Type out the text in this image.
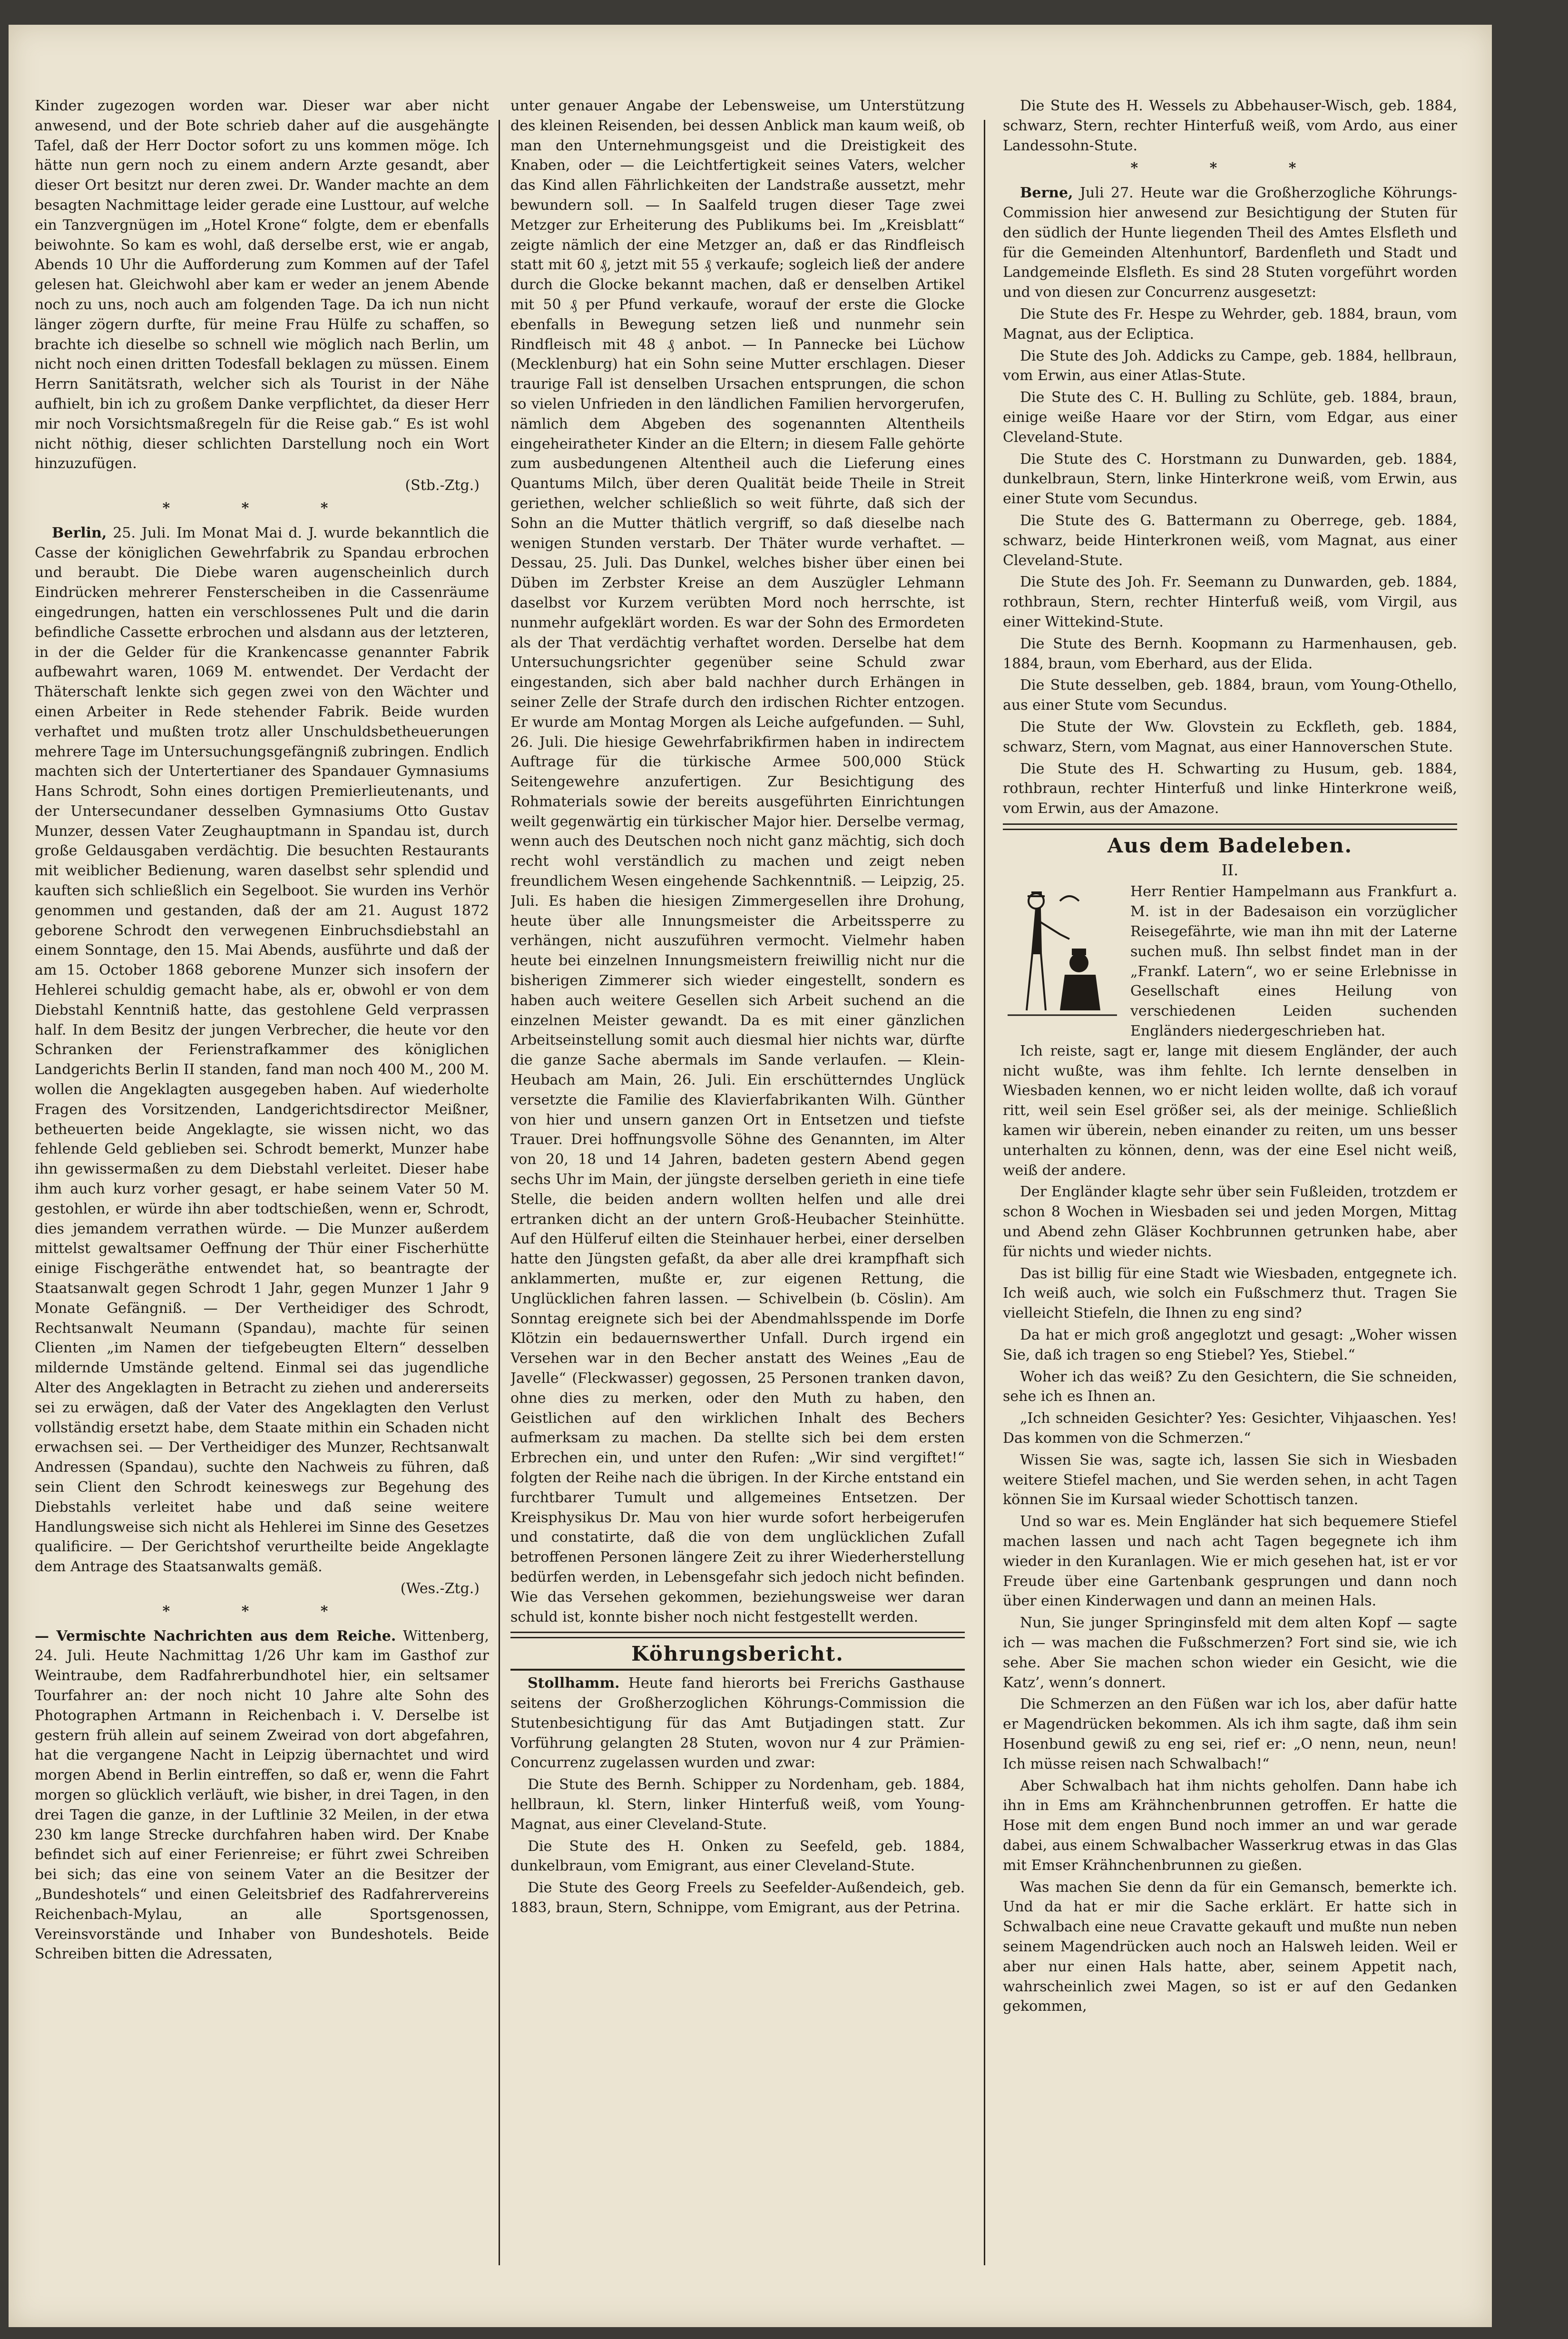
Kinder zugezogen worden war. Dieser war aber nicht anwesend, und der Bote schrieb daher auf die ausgehängte Tafel, daß der Herr Doctor sofort zu uns kommen möge. Ich hätte nun gern noch zu einem andern Arzte gesandt, aber dieser Ort besitzt nur deren zwei. Dr. Wander machte an dem besagten Nachmittage leider gerade eine Lusttour, auf welche ein Tanzvergnügen im „Hotel Krone“ folgte, dem er ebenfalls beiwohnte. So kam es wohl, daß derselbe erst, wie er angab, Abends 10 Uhr die Aufforderung zum Kommen auf der Tafel gelesen hat. Gleichwohl aber kam er weder an jenem Abende noch zu uns, noch auch am folgenden Tage. Da ich nun nicht länger zögern durfte, für meine Frau Hülfe zu schaffen, so brachte ich dieselbe so schnell wie möglich nach Berlin, um nicht noch einen dritten Todesfall beklagen zu müssen. Einem Herrn Sanitätsrath, welcher sich als Tourist in der Nähe aufhielt, bin ich zu großem Danke verpflichtet, da dieser Herr mir noch Vorsichtsmaßregeln für die Reise gab.“ Es ist wohl nicht nöthig, dieser schlichten Darstellung noch ein Wort hinzuzufügen.

(Stb.-Ztg.)
* * *

Berlin, 25. Juli. Im Monat Mai d. J. wurde bekanntlich die Casse der königlichen Gewehrfabrik zu Spandau erbrochen und beraubt. Die Diebe waren augenscheinlich durch Eindrücken mehrerer Fensterscheiben in die Cassenräume eingedrungen, hatten ein verschlossenes Pult und die darin befindliche Cassette erbrochen und alsdann aus der letzteren, in der die Gelder für die Krankencasse genannter Fabrik aufbewahrt waren, 1069 M. entwendet. Der Verdacht der Thäterschaft lenkte sich gegen zwei von den Wächter und einen Arbeiter in Rede stehender Fabrik. Beide wurden verhaftet und mußten trotz aller Unschuldsbetheuerungen mehrere Tage im Untersuchungsgefängniß zubringen. Endlich machten sich der Untertertianer des Spandauer Gymnasiums Hans Schrodt, Sohn eines dortigen Premierlieutenants, und der Untersecundaner desselben Gymnasiums Otto Gustav Munzer, dessen Vater Zeughauptmann in Spandau ist, durch große Geldausgaben verdächtig. Die besuchten Restaurants mit weiblicher Bedienung, waren daselbst sehr splendid und kauften sich schließlich ein Segelboot. Sie wurden ins Verhör genommen und gestanden, daß der am 21. August 1872 geborene Schrodt den verwegenen Einbruchsdiebstahl an einem Sonntage, den 15. Mai Abends, ausführte und daß der am 15. October 1868 geborene Munzer sich insofern der Hehlerei schuldig gemacht habe, als er, obwohl er von dem Diebstahl Kenntniß hatte, das gestohlene Geld verprassen half. In dem Besitz der jungen Verbrecher, die heute vor den Schranken der Ferienstrafkammer des königlichen Landgerichts Berlin II standen, fand man noch 400 M., 200 M. wollen die Angeklagten ausgegeben haben. Auf wiederholte Fragen des Vorsitzenden, Landgerichtsdirector Meißner, betheuerten beide Angeklagte, sie wissen nicht, wo das fehlende Geld geblieben sei. Schrodt bemerkt, Munzer habe ihn gewissermaßen zu dem Diebstahl verleitet. Dieser habe ihm auch kurz vorher gesagt, er habe seinem Vater 50 M. gestohlen, er würde ihn aber todtschießen, wenn er, Schrodt, dies jemandem verrathen würde. — Die Munzer außerdem mittelst gewaltsamer Oeffnung der Thür einer Fischerhütte einige Fischgeräthe entwendet hat, so beantragte der Staatsanwalt gegen Schrodt 1 Jahr, gegen Munzer 1 Jahr 9 Monate Gefängniß. — Der Vertheidiger des Schrodt, Rechtsanwalt Neumann (Spandau), machte für seinen Clienten „im Namen der tiefgebeugten Eltern“ desselben mildernde Umstände geltend. Einmal sei das jugendliche Alter des Angeklagten in Betracht zu ziehen und andererseits sei zu erwägen, daß der Vater des Angeklagten den Verlust vollständig ersetzt habe, dem Staate mithin ein Schaden nicht erwachsen sei. — Der Vertheidiger des Munzer, Rechtsanwalt Andressen (Spandau), suchte den Nachweis zu führen, daß sein Client den Schrodt keineswegs zur Begehung des Diebstahls verleitet habe und daß seine weitere Handlungsweise sich nicht als Hehlerei im Sinne des Gesetzes qualificire. — Der Gerichtshof verurtheilte beide Angeklagte dem Antrage des Staatsanwalts gemäß.

(Wes.-Ztg.)
* * *

— Vermischte Nachrichten aus dem Reiche. Wittenberg, 24. Juli. Heute Nachmittag 1/26 Uhr kam im Gasthof zur Weintraube, dem Radfahrerbundhotel hier, ein seltsamer Tourfahrer an: der noch nicht 10 Jahre alte Sohn des Photographen Artmann in Reichenbach i. V. Derselbe ist gestern früh allein auf seinem Zweirad von dort abgefahren, hat die vergangene Nacht in Leipzig übernachtet und wird morgen Abend in Berlin eintreffen, so daß er, wenn die Fahrt morgen so glücklich verläuft, wie bisher, in drei Tagen, in den drei Tagen die ganze, in der Luftlinie 32 Meilen, in der etwa 230 km lange Strecke durchfahren haben wird. Der Knabe befindet sich auf einer Ferienreise; er führt zwei Schreiben bei sich; das eine von seinem Vater an die Besitzer der „Bundeshotels“ und einen Geleitsbrief des Radfahrervereins Reichenbach-Mylau, an alle Sportsgenossen, Vereinsvorstände und Inhaber von Bundeshotels. Beide Schreiben bitten die Adressaten,

unter genauer Angabe der Lebensweise, um Unterstützung des kleinen Reisenden, bei dessen Anblick man kaum weiß, ob man den Unternehmungsgeist und die Dreistigkeit des Knaben, oder — die Leichtfertigkeit seines Vaters, welcher das Kind allen Fährlichkeiten der Landstraße aussetzt, mehr bewundern soll. — In Saalfeld trugen dieser Tage zwei Metzger zur Erheiterung des Publikums bei. Im „Kreisblatt“ zeigte nämlich der eine Metzger an, daß er das Rindfleisch statt mit 60 ₰, jetzt mit 55 ₰ verkaufe; sogleich ließ der andere durch die Glocke bekannt machen, daß er denselben Artikel mit 50 ₰ per Pfund verkaufe, worauf der erste die Glocke ebenfalls in Bewegung setzen ließ und nunmehr sein Rindfleisch mit 48 ₰ anbot. — In Pannecke bei Lüchow (Mecklenburg) hat ein Sohn seine Mutter erschlagen. Dieser traurige Fall ist denselben Ursachen entsprungen, die schon so vielen Unfrieden in den ländlichen Familien hervorgerufen, nämlich dem Abgeben des sogenannten Altentheils eingeheiratheter Kinder an die Eltern; in diesem Falle gehörte zum ausbedungenen Altentheil auch die Lieferung eines Quantums Milch, über deren Qualität beide Theile in Streit geriethen, welcher schließlich so weit führte, daß sich der Sohn an die Mutter thätlich vergriff, so daß dieselbe nach wenigen Stunden verstarb. Der Thäter wurde verhaftet. — Dessau, 25. Juli. Das Dunkel, welches bisher über einen bei Düben im Zerbster Kreise an dem Auszügler Lehmann daselbst vor Kurzem verübten Mord noch herrschte, ist nunmehr aufgeklärt worden. Es war der Sohn des Ermordeten als der That verdächtig verhaftet worden. Derselbe hat dem Untersuchungsrichter gegenüber seine Schuld zwar eingestanden, sich aber bald nachher durch Erhängen in seiner Zelle der Strafe durch den irdischen Richter entzogen. Er wurde am Montag Morgen als Leiche aufgefunden. — Suhl, 26. Juli. Die hiesige Gewehrfabrikfirmen haben in indirectem Auftrage für die türkische Armee 500,000 Stück Seitengewehre anzufertigen. Zur Besichtigung des Rohmaterials sowie der bereits ausgeführten Einrichtungen weilt gegenwärtig ein türkischer Major hier. Derselbe vermag, wenn auch des Deutschen noch nicht ganz mächtig, sich doch recht wohl verständlich zu machen und zeigt neben freundlichem Wesen eingehende Sachkenntniß. — Leipzig, 25. Juli. Es haben die hiesigen Zimmergesellen ihre Drohung, heute über alle Innungsmeister die Arbeitssperre zu verhängen, nicht auszuführen vermocht. Vielmehr haben heute bei einzelnen Innungsmeistern freiwillig nicht nur die bisherigen Zimmerer sich wieder eingestellt, sondern es haben auch weitere Gesellen sich Arbeit suchend an die einzelnen Meister gewandt. Da es mit einer gänzlichen Arbeitseinstellung somit auch diesmal hier nichts war, dürfte die ganze Sache abermals im Sande verlaufen. — Klein-Heubach am Main, 26. Juli. Ein erschütterndes Unglück versetzte die Familie des Klavierfabrikanten Wilh. Günther von hier und unsern ganzen Ort in Entsetzen und tiefste Trauer. Drei hoffnungsvolle Söhne des Genannten, im Alter von 20, 18 und 14 Jahren, badeten gestern Abend gegen sechs Uhr im Main, der jüngste derselben gerieth in eine tiefe Stelle, die beiden andern wollten helfen und alle drei ertranken dicht an der untern Groß-Heubacher Steinhütte. Auf den Hülferuf eilten die Steinhauer herbei, einer derselben hatte den Jüngsten gefaßt, da aber alle drei krampfhaft sich anklammerten, mußte er, zur eigenen Rettung, die Unglücklichen fahren lassen. — Schivelbein (b. Cöslin). Am Sonntag ereignete sich bei der Abendmahlsspende im Dorfe Klötzin ein bedauernswerther Unfall. Durch irgend ein Versehen war in den Becher anstatt des Weines „Eau de Javelle“ (Fleckwasser) gegossen, 25 Personen tranken davon, ohne dies zu merken, oder den Muth zu haben, den Geistlichen auf den wirklichen Inhalt des Bechers aufmerksam zu machen. Da stellte sich bei dem ersten Erbrechen ein, und unter den Rufen: „Wir sind vergiftet!“ folgten der Reihe nach die übrigen. In der Kirche entstand ein furchtbarer Tumult und allgemeines Entsetzen. Der Kreisphysikus Dr. Mau von hier wurde sofort herbeigerufen und constatirte, daß die von dem unglücklichen Zufall betroffenen Personen längere Zeit zu ihrer Wiederherstellung bedürfen werden, in Lebensgefahr sich jedoch nicht befinden. Wie das Versehen gekommen, beziehungsweise wer daran schuld ist, konnte bisher noch nicht festgestellt werden.

Köhrungsbericht.

Stollhamm. Heute fand hierorts bei Frerichs Gasthause seitens der Großherzoglichen Köhrungs-Commission die Stutenbesichtigung für das Amt Butjadingen statt. Zur Vorführung gelangten 28 Stuten, wovon nur 4 zur Prämien-Concurrenz zugelassen wurden und zwar:

Die Stute des Bernh. Schipper zu Nordenham, geb. 1884, hellbraun, kl. Stern, linker Hinterfuß weiß, vom Young-Magnat, aus einer Cleveland-Stute.

Die Stute des H. Onken zu Seefeld, geb. 1884, dunkelbraun, vom Emigrant, aus einer Cleveland-Stute.

Die Stute des Georg Freels zu Seefelder-Außendeich, geb. 1883, braun, Stern, Schnippe, vom Emigrant, aus der Petrina.

Die Stute des H. Wessels zu Abbehauser-Wisch, geb. 1884, schwarz, Stern, rechter Hinterfuß weiß, vom Ardo, aus einer Landessohn-Stute.

* * *

Berne, Juli 27. Heute war die Großherzogliche Köhrungs-Commission hier anwesend zur Besichtigung der Stuten für den südlich der Hunte liegenden Theil des Amtes Elsfleth und für die Gemeinden Altenhuntorf, Bardenfleth und Stadt und Landgemeinde Elsfleth. Es sind 28 Stuten vorgeführt worden und von diesen zur Concurrenz ausgesetzt:

Die Stute des Fr. Hespe zu Wehrder, geb. 1884, braun, vom Magnat, aus der Ecliptica.

Die Stute des Joh. Addicks zu Campe, geb. 1884, hellbraun, vom Erwin, aus einer Atlas-Stute.

Die Stute des C. H. Bulling zu Schlüte, geb. 1884, braun, einige weiße Haare vor der Stirn, vom Edgar, aus einer Cleveland-Stute.

Die Stute des C. Horstmann zu Dunwarden, geb. 1884, dunkelbraun, Stern, linke Hinterkrone weiß, vom Erwin, aus einer Stute vom Secundus.

Die Stute des G. Battermann zu Oberrege, geb. 1884, schwarz, beide Hinterkronen weiß, vom Magnat, aus einer Cleveland-Stute.

Die Stute des Joh. Fr. Seemann zu Dunwarden, geb. 1884, rothbraun, Stern, rechter Hinterfuß weiß, vom Virgil, aus einer Wittekind-Stute.

Die Stute des Bernh. Koopmann zu Harmenhausen, geb. 1884, braun, vom Eberhard, aus der Elida.

Die Stute desselben, geb. 1884, braun, vom Young-Othello, aus einer Stute vom Secundus.

Die Stute der Ww. Glovstein zu Eckfleth, geb. 1884, schwarz, Stern, vom Magnat, aus einer Hannoverschen Stute.

Die Stute des H. Schwarting zu Husum, geb. 1884, rothbraun, rechter Hinterfuß und linke Hinterkrone weiß, vom Erwin, aus der Amazone.

Aus dem Badeleben.
II.
Herr Rentier Hampelmann aus Frankfurt a. M. ist in der Badesaison ein vorzüglicher Reisegefährte, wie man ihn mit der Laterne suchen muß. Ihn selbst findet man in der „Frankf. Latern“, wo er seine Erlebnisse in Gesellschaft eines Heilung von verschiedenen Leiden suchenden Engländers niedergeschrieben hat.

Ich reiste, sagt er, lange mit diesem Engländer, der auch nicht wußte, was ihm fehlte. Ich lernte denselben in Wiesbaden kennen, wo er nicht leiden wollte, daß ich vorauf ritt, weil sein Esel größer sei, als der meinige. Schließlich kamen wir überein, neben einander zu reiten, um uns besser unterhalten zu können, denn, was der eine Esel nicht weiß, weiß der andere.

Der Engländer klagte sehr über sein Fußleiden, trotzdem er schon 8 Wochen in Wiesbaden sei und jeden Morgen, Mittag und Abend zehn Gläser Kochbrunnen getrunken habe, aber für nichts und wieder nichts.

Das ist billig für eine Stadt wie Wiesbaden, entgegnete ich. Ich weiß auch, wie solch ein Fußschmerz thut. Tragen Sie vielleicht Stiefeln, die Ihnen zu eng sind?

Da hat er mich groß angeglotzt und gesagt: „Woher wissen Sie, daß ich tragen so eng Stiebel? Yes, Stiebel.“

Woher ich das weiß? Zu den Gesichtern, die Sie schneiden, sehe ich es Ihnen an.

„Ich schneiden Gesichter? Yes: Gesichter, Vihjaaschen. Yes! Das kommen von die Schmerzen.“

Wissen Sie was, sagte ich, lassen Sie sich in Wiesbaden weitere Stiefel machen, und Sie werden sehen, in acht Tagen können Sie im Kursaal wieder Schottisch tanzen.

Und so war es. Mein Engländer hat sich bequemere Stiefel machen lassen und nach acht Tagen begegnete ich ihm wieder in den Kuranlagen. Wie er mich gesehen hat, ist er vor Freude über eine Gartenbank gesprungen und dann noch über einen Kinderwagen und dann an meinen Hals.

Nun, Sie junger Springinsfeld mit dem alten Kopf — sagte ich — was machen die Fußschmerzen? Fort sind sie, wie ich sehe. Aber Sie machen schon wieder ein Gesicht, wie die Katz’, wenn’s donnert.

Die Schmerzen an den Füßen war ich los, aber dafür hatte er Magendrücken bekommen. Als ich ihm sagte, daß ihm sein Hosenbund gewiß zu eng sei, rief er: „O nenn, neun, neun! Ich müsse reisen nach Schwalbach!“

Aber Schwalbach hat ihm nichts geholfen. Dann habe ich ihn in Ems am Krähnchenbrunnen getroffen. Er hatte die Hose mit dem engen Bund noch immer an und war gerade dabei, aus einem Schwalbacher Wasserkrug etwas in das Glas mit Emser Krähnchenbrunnen zu gießen.

Was machen Sie denn da für ein Gemansch, bemerkte ich. Und da hat er mir die Sache erklärt. Er hatte sich in Schwalbach eine neue Cravatte gekauft und mußte nun neben seinem Magendrücken auch noch an Halsweh leiden. Weil er aber nur einen Hals hatte, aber, seinem Appetit nach, wahrscheinlich zwei Magen, so ist er auf den Gedanken gekommen,
